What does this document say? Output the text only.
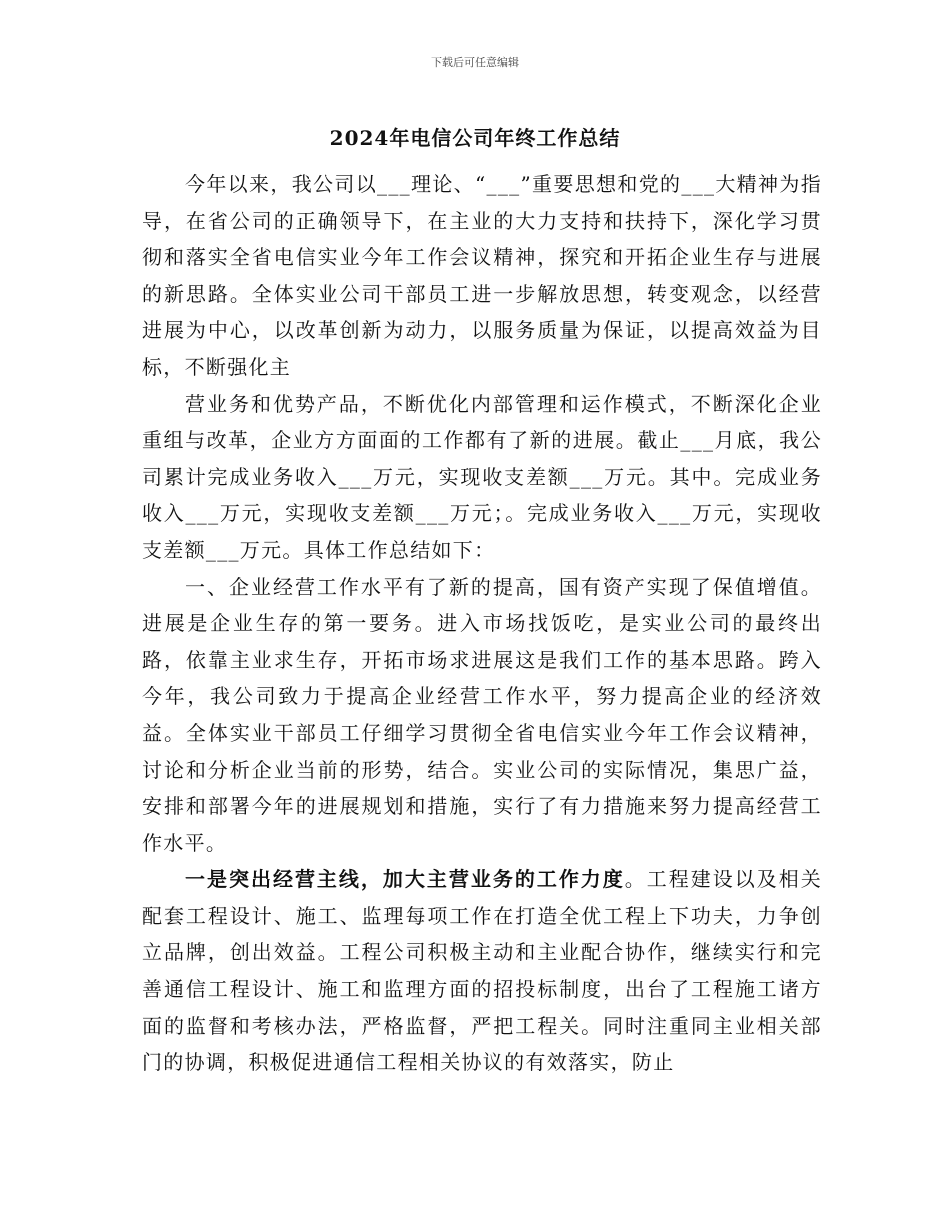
下载后可任意编辑
2024年电信公司年终工作总结

今年以来，我公司以___理论、“___”重要思想和党的___大精神为指导，在省公司的正确领导下，在主业的大力支持和扶持下，深化学习贯彻和落实全省电信实业今年工作会议精神，探究和开拓企业生存与进展的新思路。全体实业公司干部员工进一步解放思想，转变观念，以经营进展为中心，以改革创新为动力，以服务质量为保证，以提高效益为目标，不断强化主

营业务和优势产品，不断优化内部管理和运作模式，不断深化企业重组与改革，企业方方面面的工作都有了新的进展。截止___月底，我公司累计完成业务收入___万元，实现收支差额___万元。其中。完成业务收入___万元，实现收支差额___万元；。完成业务收入___万元，实现收支差额___万元。具体工作总结如下：

一、企业经营工作水平有了新的提高，国有资产实现了保值增值。进展是企业生存的第一要务。进入市场找饭吃，是实业公司的最终出路，依靠主业求生存，开拓市场求进展这是我们工作的基本思路。跨入今年，我公司致力于提高企业经营工作水平，努力提高企业的经济效益。全体实业干部员工仔细学习贯彻全省电信实业今年工作会议精神，讨论和分析企业当前的形势，结合。实业公司的实际情况，集思广益，安排和部署今年的进展规划和措施，实行了有力措施来努力提高经营工作水平。

一是突出经营主线，加大主营业务的工作力度。工程建设以及相关配套工程设计、施工、监理每项工作在打造全优工程上下功夫，力争创立品牌，创出效益。工程公司积极主动和主业配合协作，继续实行和完善通信工程设计、施工和监理方面的招投标制度，出台了工程施工诸方面的监督和考核办法，严格监督，严把工程关。同时注重同主业相关部门的协调，积极促进通信工程相关协议的有效落实，防止
